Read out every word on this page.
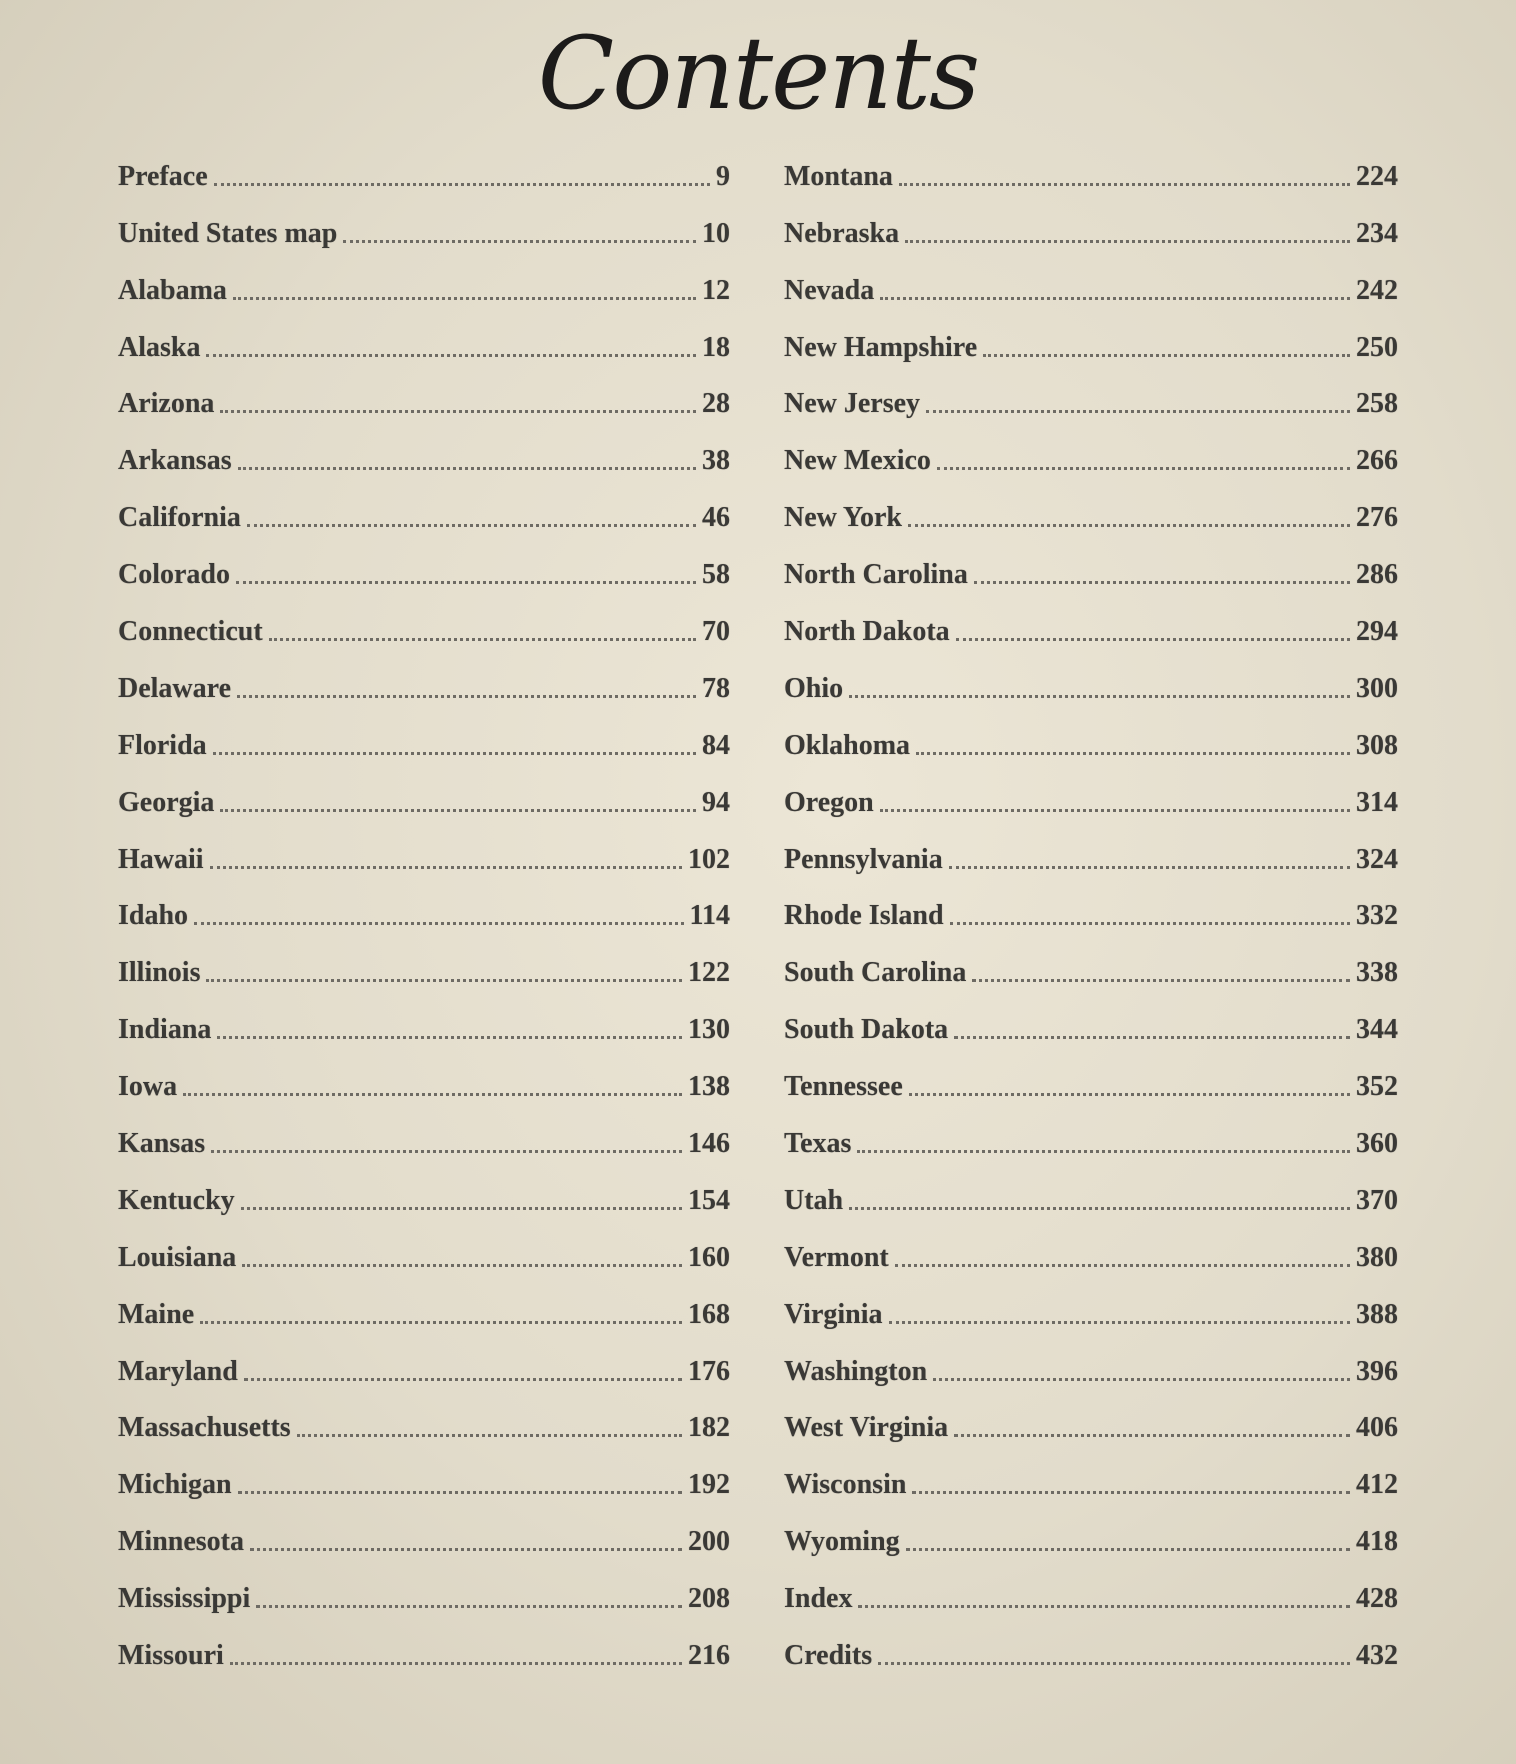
Contents
Preface	9
United States map	10
Alabama	12
Alaska	18
Arizona	28
Arkansas	38
California	46
Colorado	58
Connecticut	70
Delaware	78
Florida	84
Georgia	94
Hawaii	102
Idaho	114
Illinois	122
Indiana	130
Iowa	138
Kansas	146
Kentucky	154
Louisiana	160
Maine	168
Maryland	176
Massachusetts	182
Michigan	192
Minnesota	200
Mississippi	208
Missouri	216
Montana	224
Nebraska	234
Nevada	242
New Hampshire	250
New Jersey	258
New Mexico	266
New York	276
North Carolina	286
North Dakota	294
Ohio	300
Oklahoma	308
Oregon	314
Pennsylvania	324
Rhode Island	332
South Carolina	338
South Dakota	344
Tennessee	352
Texas	360
Utah	370
Vermont	380
Virginia	388
Washington	396
West Virginia	406
Wisconsin	412
Wyoming	418
Index	428
Credits	432
